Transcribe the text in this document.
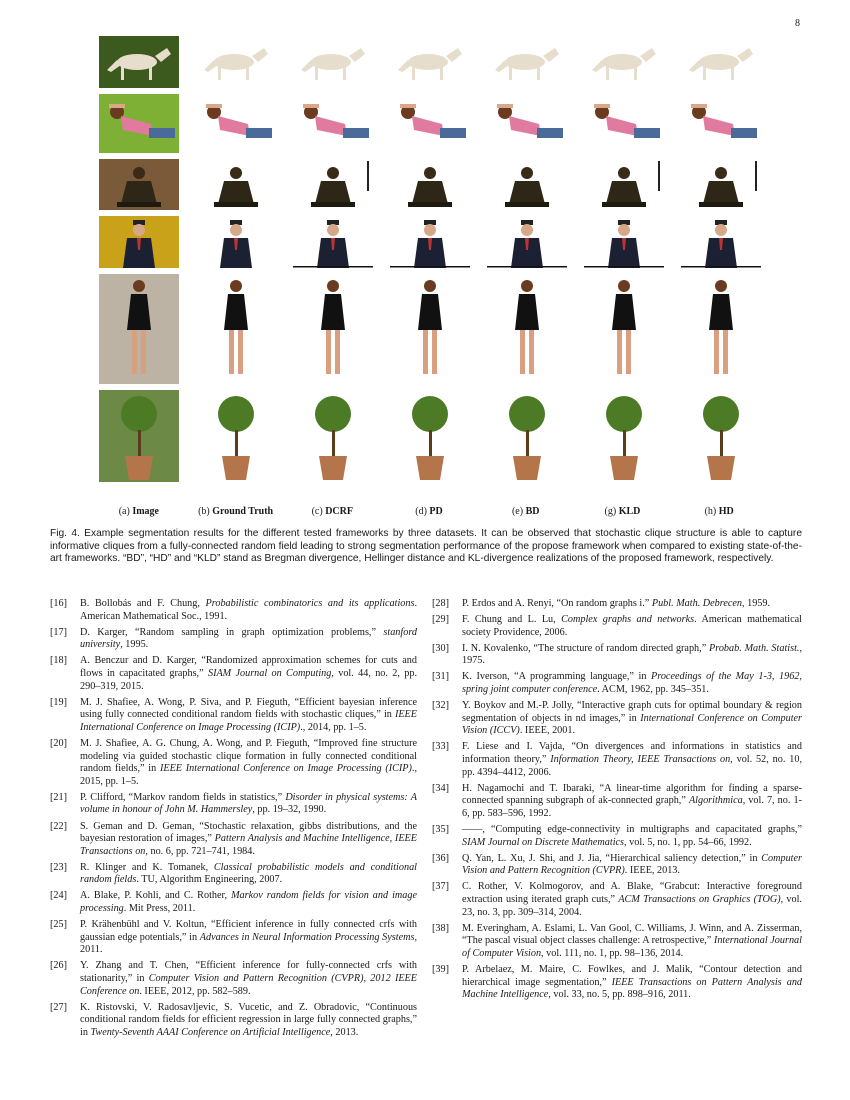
8
(a) Image	(b) Ground Truth	(c) DCRF	(d) PD	(e) BD	(g) KLD	(h) HD
Fig. 4. Example segmentation results for the different tested frameworks by three datasets. It can be observed that stochastic clique structure is able to capture informative cliques from a fully-connected random field leading to strong segmentation performance of the propose framework when compared to existing state-of-the-art frameworks. “BD”, “HD” and “KLD” stand as Bregman divergence, Hellinger distance and KL-divergence realizations of the proposed framework, respectively.
[16]	B. Bollobás and F. Chung, Probabilistic combinatorics and its applications. American Mathematical Soc., 1991.
[17]	D. Karger, “Random sampling in graph optimization problems,” stanford university, 1995.
[18]	A. Benczur and D. Karger, “Randomized approximation schemes for cuts and flows in capacitated graphs,” SIAM Journal on Computing, vol. 44, no. 2, pp. 290–319, 2015.
[19]	M. J. Shafiee, A. Wong, P. Siva, and P. Fieguth, “Efficient bayesian inference using fully connected conditional random fields with stochastic cliques,” in IEEE International Conference on Image Processing (ICIP)., 2014, pp. 1–5.
[20]	M. J. Shafiee, A. G. Chung, A. Wong, and P. Fieguth, “Improved fine structure modeling via guided stochastic clique formation in fully connected conditional random fields,” in IEEE International Conference on Image Processing (ICIP)., 2015, pp. 1–5.
[21]	P. Clifford, “Markov random fields in statistics,” Disorder in physical systems: A volume in honour of John M. Hammersley, pp. 19–32, 1990.
[22]	S. Geman and D. Geman, “Stochastic relaxation, gibbs distributions, and the bayesian restoration of images,” Pattern Analysis and Machine Intelligence, IEEE Transactions on, no. 6, pp. 721–741, 1984.
[23]	R. Klinger and K. Tomanek, Classical probabilistic models and conditional random fields. TU, Algorithm Engineering, 2007.
[24]	A. Blake, P. Kohli, and C. Rother, Markov random fields for vision and image processing. Mit Press, 2011.
[25]	P. Krähenbühl and V. Koltun, “Efficient inference in fully connected crfs with gaussian edge potentials,” in Advances in Neural Information Processing Systems, 2011.
[26]	Y. Zhang and T. Chen, “Efficient inference for fully-connected crfs with stationarity,” in Computer Vision and Pattern Recognition (CVPR), 2012 IEEE Conference on. IEEE, 2012, pp. 582–589.
[27]	K. Ristovski, V. Radosavljevic, S. Vucetic, and Z. Obradovic, “Continuous conditional random fields for efficient regression in large fully connected graphs,” in Twenty-Seventh AAAI Conference on Artificial Intelligence, 2013.
[28]	P. Erdos and A. Renyi, “On random graphs i.” Publ. Math. Debrecen, 1959.
[29]	F. Chung and L. Lu, Complex graphs and networks. American mathematical society Providence, 2006.
[30]	I. N. Kovalenko, “The structure of random directed graph,” Probab. Math. Statist., 1975.
[31]	K. Iverson, “A programming language,” in Proceedings of the May 1-3, 1962, spring joint computer conference. ACM, 1962, pp. 345–351.
[32]	Y. Boykov and M.-P. Jolly, “Interactive graph cuts for optimal boundary & region segmentation of objects in nd images,” in International Conference on Computer Vision (ICCV). IEEE, 2001.
[33]	F. Liese and I. Vajda, “On divergences and informations in statistics and information theory,” Information Theory, IEEE Transactions on, vol. 52, no. 10, pp. 4394–4412, 2006.
[34]	H. Nagamochi and T. Ibaraki, “A linear-time algorithm for finding a sparse-connected spanning subgraph of ak-connected graph,” Algorithmica, vol. 7, no. 1-6, pp. 583–596, 1992.
[35]	——, “Computing edge-connectivity in multigraphs and capacitated graphs,” SIAM Journal on Discrete Mathematics, vol. 5, no. 1, pp. 54–66, 1992.
[36]	Q. Yan, L. Xu, J. Shi, and J. Jia, “Hierarchical saliency detection,” in Computer Vision and Pattern Recognition (CVPR). IEEE, 2013.
[37]	C. Rother, V. Kolmogorov, and A. Blake, “Grabcut: Interactive foreground extraction using iterated graph cuts,” ACM Transactions on Graphics (TOG), vol. 23, no. 3, pp. 309–314, 2004.
[38]	M. Everingham, A. Eslami, L. Van Gool, C. Williams, J. Winn, and A. Zisserman, “The pascal visual object classes challenge: A retrospective,” International Journal of Computer Vision, vol. 111, no. 1, pp. 98–136, 2014.
[39]	P. Arbelaez, M. Maire, C. Fowlkes, and J. Malik, “Contour detection and hierarchical image segmentation,” IEEE Transactions on Pattern Analysis and Machine Intelligence, vol. 33, no. 5, pp. 898–916, 2011.
